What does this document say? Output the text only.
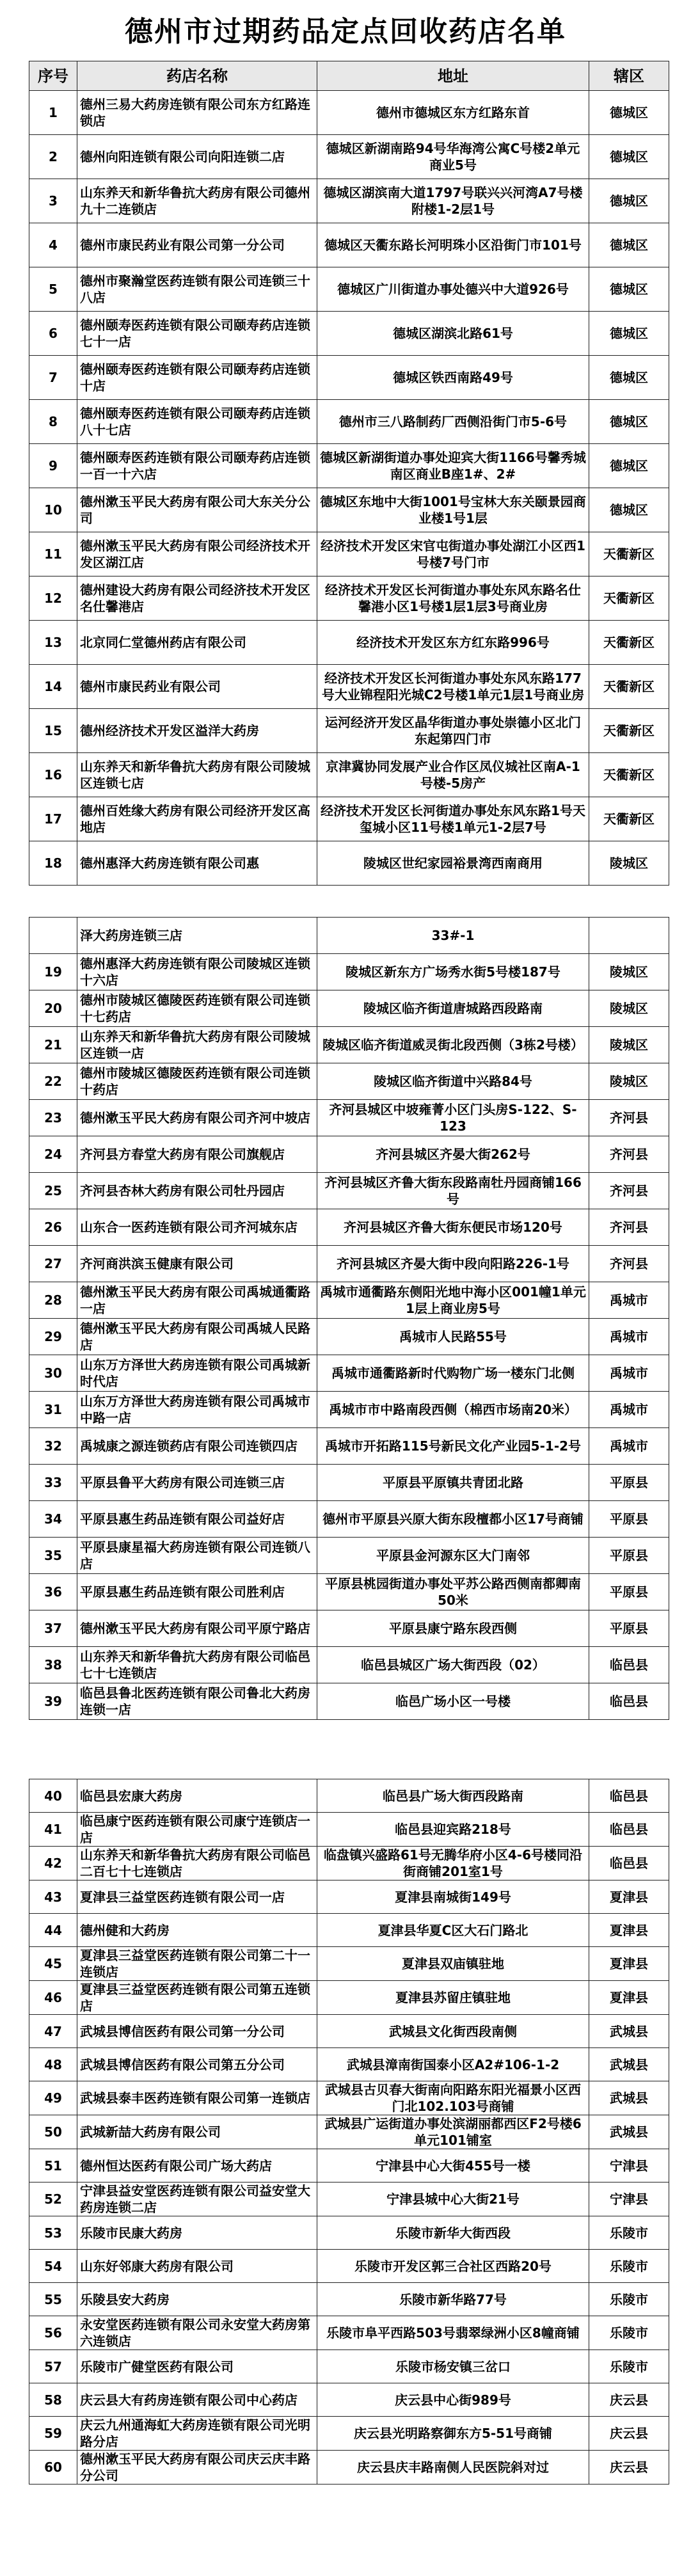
德州市过期药品定点回收药店名单
序号	药店名称	地址	辖区
1	德州三易大药房连锁有限公司东方红路连锁店	德州市德城区东方红路东首	德城区
2	德州向阳连锁有限公司向阳连锁二店	德城区新湖南路94号华海湾公寓C号楼2单元商业5号	德城区
3	山东养天和新华鲁抗大药房有限公司德州九十二连锁店	德城区湖滨南大道1797号联兴兴河湾A7号楼附楼1-2层1号	德城区
4	德州市康民药业有限公司第一分公司	德城区天衢东路长河明珠小区沿街门市101号	德城区
5	德州市聚瀚堂医药连锁有限公司连锁三十八店	德城区广川街道办事处德兴中大道926号	德城区
6	德州颐寿医药连锁有限公司颐寿药店连锁七十一店	德城区湖滨北路61号	德城区
7	德州颐寿医药连锁有限公司颐寿药店连锁十店	德城区铁西南路49号	德城区
8	德州颐寿医药连锁有限公司颐寿药店连锁八十七店	德州市三八路制药厂西侧沿街门市5-6号	德城区
9	德州颐寿医药连锁有限公司颐寿药店连锁一百一十六店	德城区新湖街道办事处迎宾大街1166号馨秀城南区商业B座1#、2#	德城区
10	德州漱玉平民大药房有限公司大东关分公司	德城区东地中大街1001号宝林大东关颐景园商业楼1号1层	德城区
11	德州漱玉平民大药房有限公司经济技术开发区湖江店	经济技术开发区宋官屯街道办事处湖江小区西1号楼7号门市	天衢新区
12	德州建设大药房有限公司经济技术开发区名仕馨港店	经济技术开发区长河街道办事处东风东路名仕馨港小区1号楼1层1层3号商业房	天衢新区
13	北京同仁堂德州药店有限公司	经济技术开发区东方红东路996号	天衢新区
14	德州市康民药业有限公司	经济技术开发区长河街道办事处东风东路177号大业锦程阳光城C2号楼1单元1层1号商业房	天衢新区
15	德州经济技术开发区溢洋大药房	运河经济开发区晶华街道办事处崇德小区北门东起第四门市	天衢新区
16	山东养天和新华鲁抗大药房有限公司陵城区连锁七店	京津冀协同发展产业合作区凤仪城社区南A-1号楼-5房产	天衢新区
17	德州百姓缘大药房有限公司经济开发区高地店	经济技术开发区长河街道办事处东风东路1号天玺城小区11号楼1单元1-2层7号	天衢新区
18	德州惠泽大药房连锁有限公司惠	陵城区世纪家园裕景湾西南商用	陵城区
	泽大药房连锁三店	33#-1	
19	德州惠泽大药房连锁有限公司陵城区连锁十六店	陵城区新东方广场秀水街5号楼187号	陵城区
20	德州市陵城区德陵医药连锁有限公司连锁十七药店	陵城区临齐街道唐城路西段路南	陵城区
21	山东养天和新华鲁抗大药房有限公司陵城区连锁一店	陵城区临齐街道威灵街北段西侧（3栋2号楼）	陵城区
22	德州市陵城区德陵医药连锁有限公司连锁十药店	陵城区临齐街道中兴路84号	陵城区
23	德州漱玉平民大药房有限公司齐河中坡店	齐河县城区中坡雍菁小区门头房S-122、S-123	齐河县
24	齐河县方春堂大药房有限公司旗舰店	齐河县城区齐晏大街262号	齐河县
25	齐河县杏林大药房有限公司牡丹园店	齐河县城区齐鲁大街东段路南牡丹园商铺166号	齐河县
26	山东合一医药连锁有限公司齐河城东店	齐河县城区齐鲁大街东便民市场120号	齐河县
27	齐河商洪滨玉健康有限公司	齐河县城区齐晏大街中段向阳路226-1号	齐河县
28	德州漱玉平民大药房有限公司禹城通衢路一店	禹城市通衢路东侧阳光地中海小区001幢1单元1层上商业房5号	禹城市
29	德州漱玉平民大药房有限公司禹城人民路店	禹城市人民路55号	禹城市
30	山东万方泽世大药房连锁有限公司禹城新时代店	禹城市通衢路新时代购物广场一楼东门北侧	禹城市
31	山东万方泽世大药房连锁有限公司禹城市中路一店	禹城市市中路南段西侧（棉西市场南20米）	禹城市
32	禹城康之源连锁药店有限公司连锁四店	禹城市开拓路115号新民文化产业园5-1-2号	禹城市
33	平原县鲁平大药房有限公司连锁三店	平原县平原镇共青团北路	平原县
34	平原县惠生药品连锁有限公司益好店	德州市平原县兴原大街东段檀都小区17号商铺	平原县
35	平原县康星福大药房连锁有限公司连锁八店	平原县金河源东区大门南邻	平原县
36	平原县惠生药品连锁有限公司胜利店	平原县桃园街道办事处平苏公路西侧南都卿南50米	平原县
37	德州漱玉平民大药房有限公司平原宁路店	平原县康宁路东段西侧	平原县
38	山东养天和新华鲁抗大药房有限公司临邑七十七连锁店	临邑县城区广场大街西段（02）	临邑县
39	临邑县鲁北医药连锁有限公司鲁北大药房连锁一店	临邑广场小区一号楼	临邑县
40	临邑县宏康大药房	临邑县广场大街西段路南	临邑县
41	临邑康宁医药连锁有限公司康宁连锁店一店	临邑县迎宾路218号	临邑县
42	山东养天和新华鲁抗大药房有限公司临邑二百七十七连锁店	临盘镇兴盛路61号无腾华府小区4-6号楼同沿街商铺201室1号	临邑县
43	夏津县三益堂医药连锁有限公司一店	夏津县南城街149号	夏津县
44	德州健和大药房	夏津县华夏C区大石门路北	夏津县
45	夏津县三益堂医药连锁有限公司第二十一连锁店	夏津县双庙镇驻地	夏津县
46	夏津县三益堂医药连锁有限公司第五连锁店	夏津县苏留庄镇驻地	夏津县
47	武城县博信医药有限公司第一分公司	武城县文化街西段南侧	武城县
48	武城县博信医药有限公司第五分公司	武城县漳南街国泰小区A2#106-1-2	武城县
49	武城县泰丰医药连锁有限公司第一连锁店	武城县古贝春大街南向阳路东阳光福景小区西门北102.103号商铺	武城县
50	武城新喆大药房有限公司	武城县广运街道办事处滨湖丽都西区F2号楼6单元101铺室	武城县
51	德州恒达医药有限公司广场大药店	宁津县中心大街455号一楼	宁津县
52	宁津县益安堂医药连锁有限公司益安堂大药房连锁二店	宁津县城中心大街21号	宁津县
53	乐陵市民康大药房	乐陵市新华大街西段	乐陵市
54	山东好邻康大药房有限公司	乐陵市开发区郭三合社区西路20号	乐陵市
55	乐陵县安大药房	乐陵市新华路77号	乐陵市
56	永安堂医药连锁有限公司永安堂大药房第六连锁店	乐陵市阜平西路503号翡翠绿洲小区8幢商铺	乐陵市
57	乐陵市广健堂医药有限公司	乐陵市杨安镇三岔口	乐陵市
58	庆云县大有药房连锁有限公司中心药店	庆云县中心街989号	庆云县
59	庆云九州通海虹大药房连锁有限公司光明路分店	庆云县光明路察御东方5-51号商铺	庆云县
60	德州漱玉平民大药房有限公司庆云庆丰路分公司	庆云县庆丰路南侧人民医院斜对过	庆云县
